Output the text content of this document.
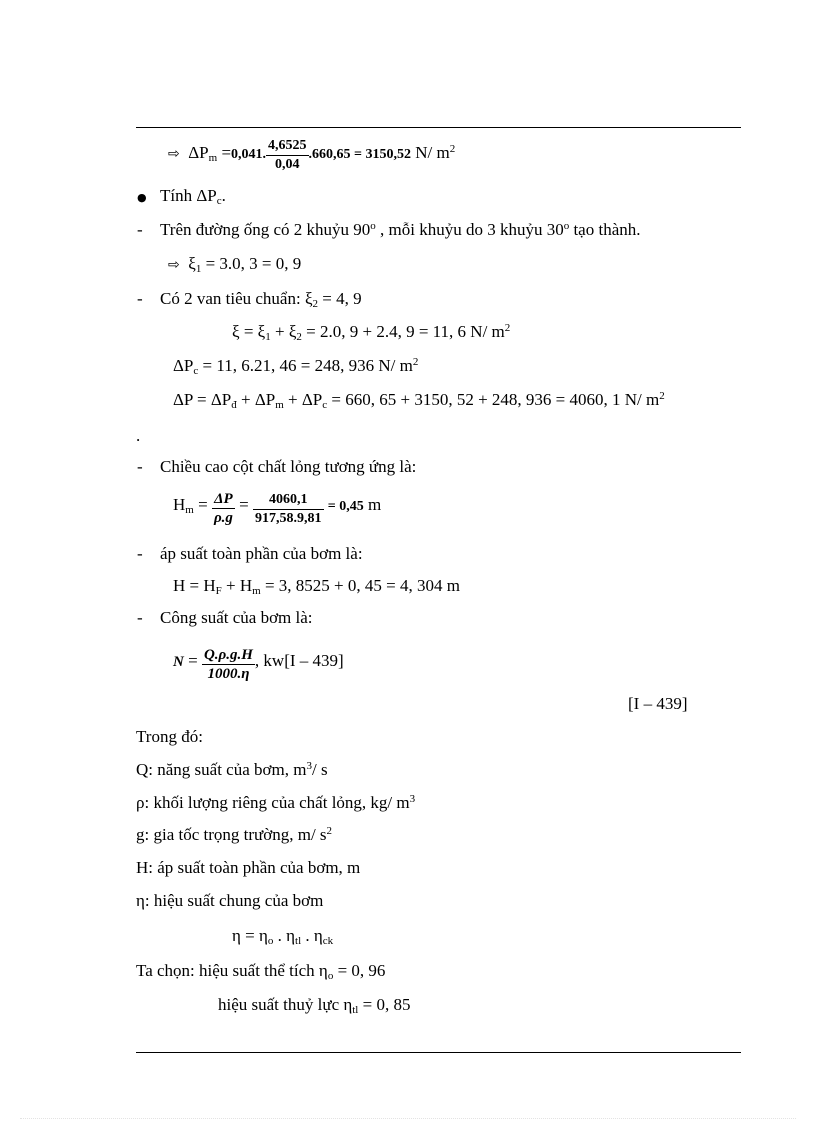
⇨ $\Delta P_m =0,041$. $\frac{4,6525}{0,04} .660,65 = 3150,52$ N/ $m^2$
● Tính $\Delta P_c$.
- Trên đường ống có 2 khuỷu 90$^o$ , mỗi khuỷu do 3 khuỷu 30$^o$ tạo thành.
⇨ $\xi_1 = 3.0$, 3 = 0, 9
- Có 2 van tiêu chuẩn: $\xi_2 = 4$, 9
$\xi = \xi_1 + \xi_2 = 2.0$, 9 + 2.4, 9 = 11, 6 N/ $m^2$
$\Delta P_c = 11$, 6.21, 46 = 248, 936 N/ $m^2$
$\Delta P = \Delta P_đ + \Delta P_m + \Delta P_c = 660$, 65 + 3150, 52 + 248, 936 = 4060, 1 N/ $m^2$
.
- Chiều cao cột chất lỏng tương ứng là:
$H_m = \frac{\Delta P}{\rho.g} = \frac{4060,1}{917,58.9,81} = 0,45$ m
- áp suất toàn phần của bơm là:
$H = H_F + H_m = 3$, 8525 + 0, 45 = 4, 304 m
- Công suất của bơm là:
$N = \frac{Q.\rho.g.H}{1000.\eta}$ , kw[I – 439]
[I – 439]
Trong đó:
Q: năng suất của bơm, $m^3/$ s
ρ: khối lượng riêng của chất lỏng, kg/ $m^3$
g: gia tốc trọng trường, m/ $s^2$
H: áp suất toàn phần của bơm, m
η: hiệu suất chung của bơm
$\eta = \eta_o$ . $\eta_{tl}$ . $\eta_{ck}$
Ta chọn: hiệu suất thể tích $\eta_o = 0$, 96
hiệu suất thuỷ lực $\eta_{tl} = 0$, 85
